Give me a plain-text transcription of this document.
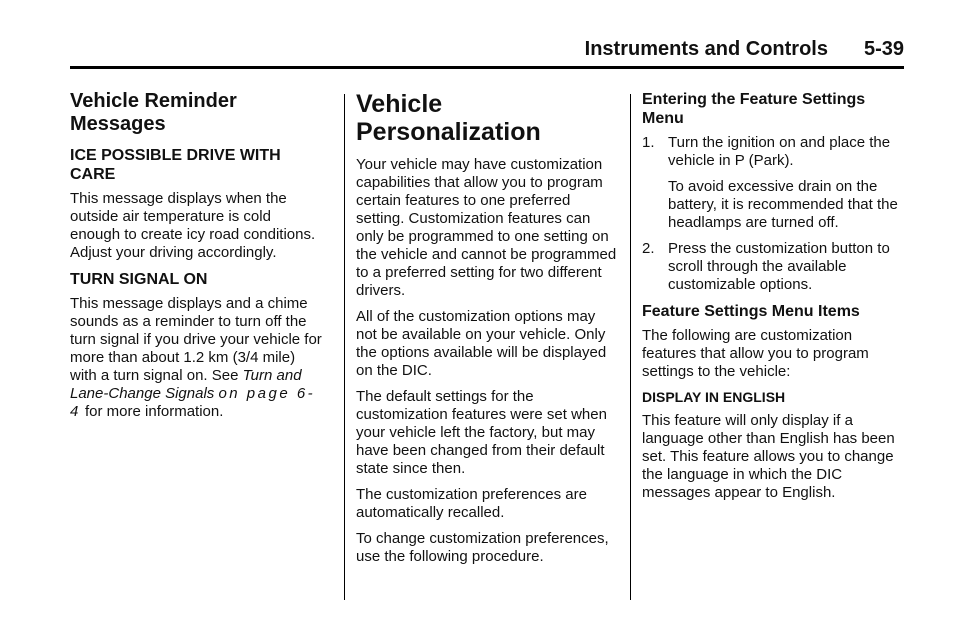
Instruments and Controls 5-39
Vehicle Reminder Messages
ICE POSSIBLE DRIVE WITH CARE

This message displays when the outside air temperature is cold enough to create icy road conditions. Adjust your driving accordingly.

TURN SIGNAL ON

This message displays and a chime sounds as a reminder to turn off the turn signal if you drive your vehicle for more than about 1.2 km (3/4 mile) with a turn signal on. See Turn and Lane-Change Signals on page 6-4 for more information.

Vehicle Personalization

Your vehicle may have customization capabilities that allow you to program certain features to one preferred setting. Customization features can only be programmed to one setting on the vehicle and cannot be programmed to a preferred setting for two different drivers.

All of the customization options may not be available on your vehicle. Only the options available will be displayed on the DIC.

The default settings for the customization features were set when your vehicle left the factory, but may have been changed from their default state since then.

The customization preferences are automatically recalled.

To change customization preferences, use the following procedure.

Entering the Feature Settings Menu
1. Turn the ignition on and place the vehicle in P (Park).

To avoid excessive drain on the battery, it is recommended that the headlamps are turned off.

2. Press the customization button to scroll through the available customizable options.

Feature Settings Menu Items

The following are customization features that allow you to program settings to the vehicle:

DISPLAY IN ENGLISH

This feature will only display if a language other than English has been set. This feature allows you to change the language in which the DIC messages appear to English.
